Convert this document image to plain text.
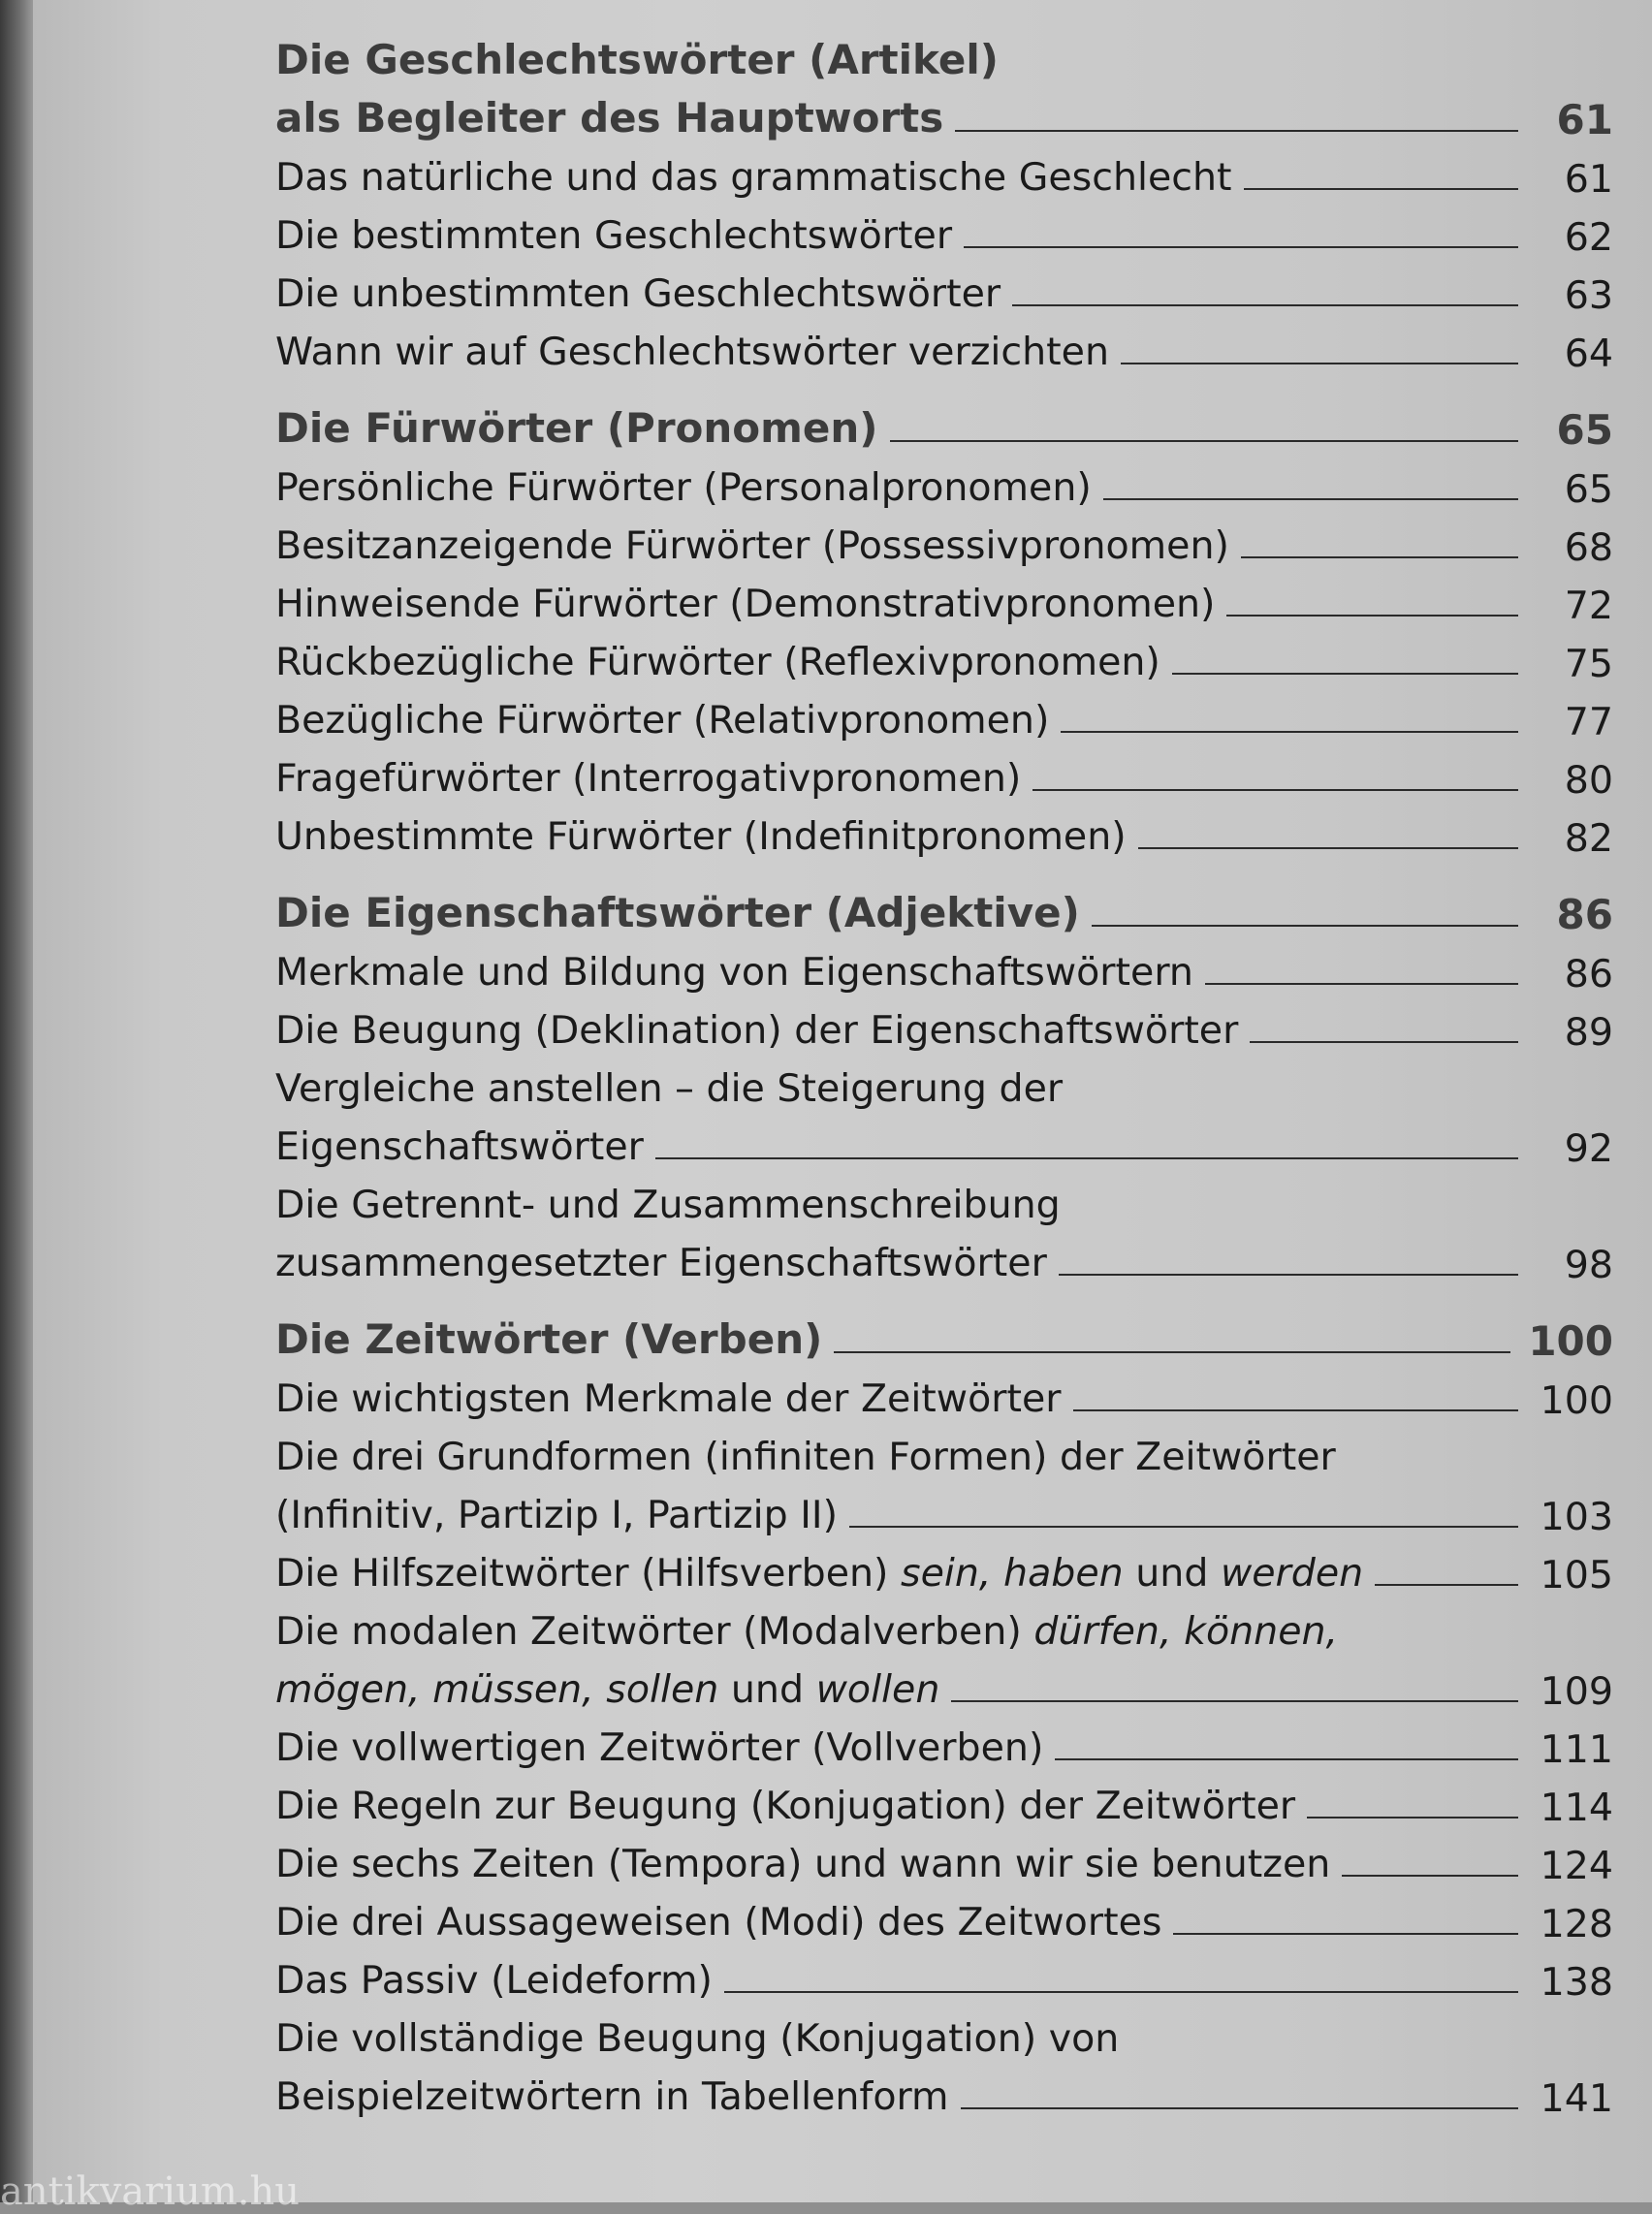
Die Geschlechtswörter (Artikel)
als Begleiter des Hauptworts	61
Das natürliche und das grammatische Geschlecht	61
Die bestimmten Geschlechtswörter	62
Die unbestimmten Geschlechtswörter	63
Wann wir auf Geschlechtswörter verzichten	64
Die Fürwörter (Pronomen)	65
Persönliche Fürwörter (Personalpronomen)	65
Besitzanzeigende Fürwörter (Possessivpronomen)	68
Hinweisende Fürwörter (Demonstrativpronomen)	72
Rückbezügliche Fürwörter (Reflexivpronomen)	75
Bezügliche Fürwörter (Relativpronomen)	77
Fragefürwörter (Interrogativpronomen)	80
Unbestimmte Fürwörter (Indefinitpronomen)	82
Die Eigenschaftswörter (Adjektive)	86
Merkmale und Bildung von Eigenschaftswörtern	86
Die Beugung (Deklination) der Eigenschaftswörter	89
Vergleiche anstellen – die Steigerung der
Eigenschaftswörter	92
Die Getrennt- und Zusammenschreibung
zusammengesetzter Eigenschaftswörter	98
Die Zeitwörter (Verben)	100
Die wichtigsten Merkmale der Zeitwörter	100
Die drei Grundformen (infiniten Formen) der Zeitwörter
(Infinitiv, Partizip I, Partizip II)	103
Die Hilfszeitwörter (Hilfsverben) sein, haben und werden	105
Die modalen Zeitwörter (Modalverben) dürfen, können,
mögen, müssen, sollen und wollen	109
Die vollwertigen Zeitwörter (Vollverben)	111
Die Regeln zur Beugung (Konjugation) der Zeitwörter	114
Die sechs Zeiten (Tempora) und wann wir sie benutzen	124
Die drei Aussageweisen (Modi) des Zeitwortes	128
Das Passiv (Leideform)	138
Die vollständige Beugung (Konjugation) von
Beispielzeitwörtern in Tabellenform	141
antikvarium.hu
